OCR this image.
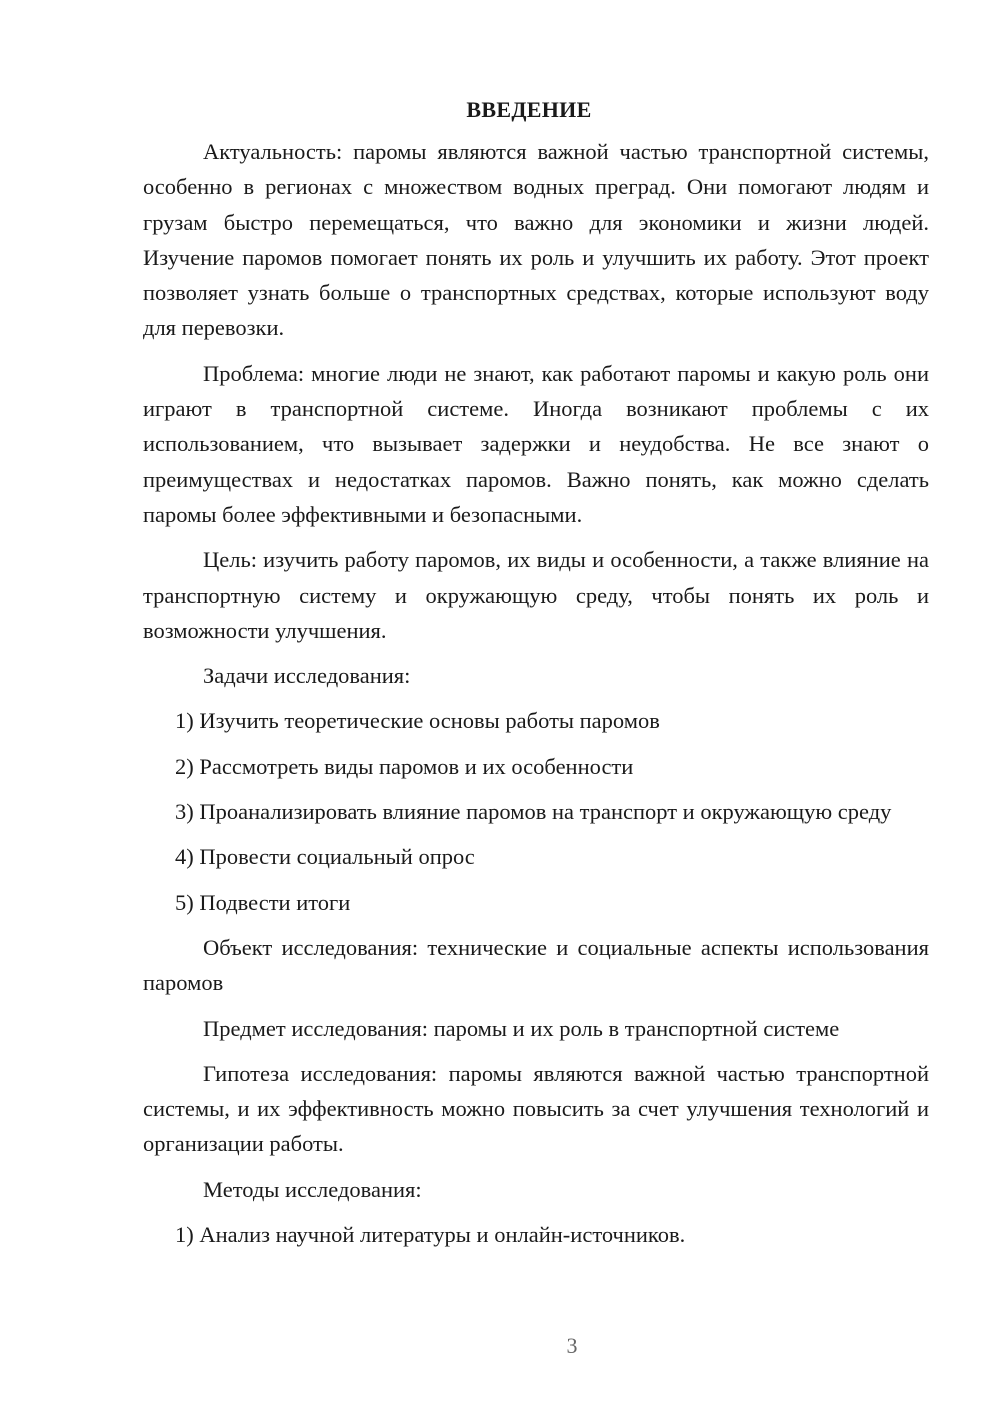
ВВЕДЕНИЕ

Актуальность: паромы являются важной частью транспортной системы, особенно в регионах с множеством водных преград. Они помогают людям и грузам быстро перемещаться, что важно для экономики и жизни людей. Изучение паромов помогает понять их роль и улучшить их работу. Этот проект позволяет узнать больше о транспортных средствах, которые используют воду для перевозки.

Проблема: многие люди не знают, как работают паромы и какую роль они играют в транспортной системе. Иногда возникают проблемы с их использованием, что вызывает задержки и неудобства. Не все знают о преимуществах и недостатках паромов. Важно понять, как можно сделать паромы более эффективными и безопасными.

Цель: изучить работу паромов, их виды и особенности, а также влияние на транспортную систему и окружающую среду, чтобы понять их роль и возможности улучшения.

Задачи исследования:

1) Изучить теоретические основы работы паромов

2) Рассмотреть виды паромов и их особенности

3) Проанализировать влияние паромов на транспорт и окружающую среду

4) Провести социальный опрос

5) Подвести итоги

Объект исследования: технические и социальные аспекты использования паромов

Предмет исследования: паромы и их роль в транспортной системе

Гипотеза исследования: паромы являются важной частью транспортной системы, и их эффективность можно повысить за счет улучшения технологий и организации работы.

Методы исследования:

1) Анализ научной литературы и онлайн-источников.

3
